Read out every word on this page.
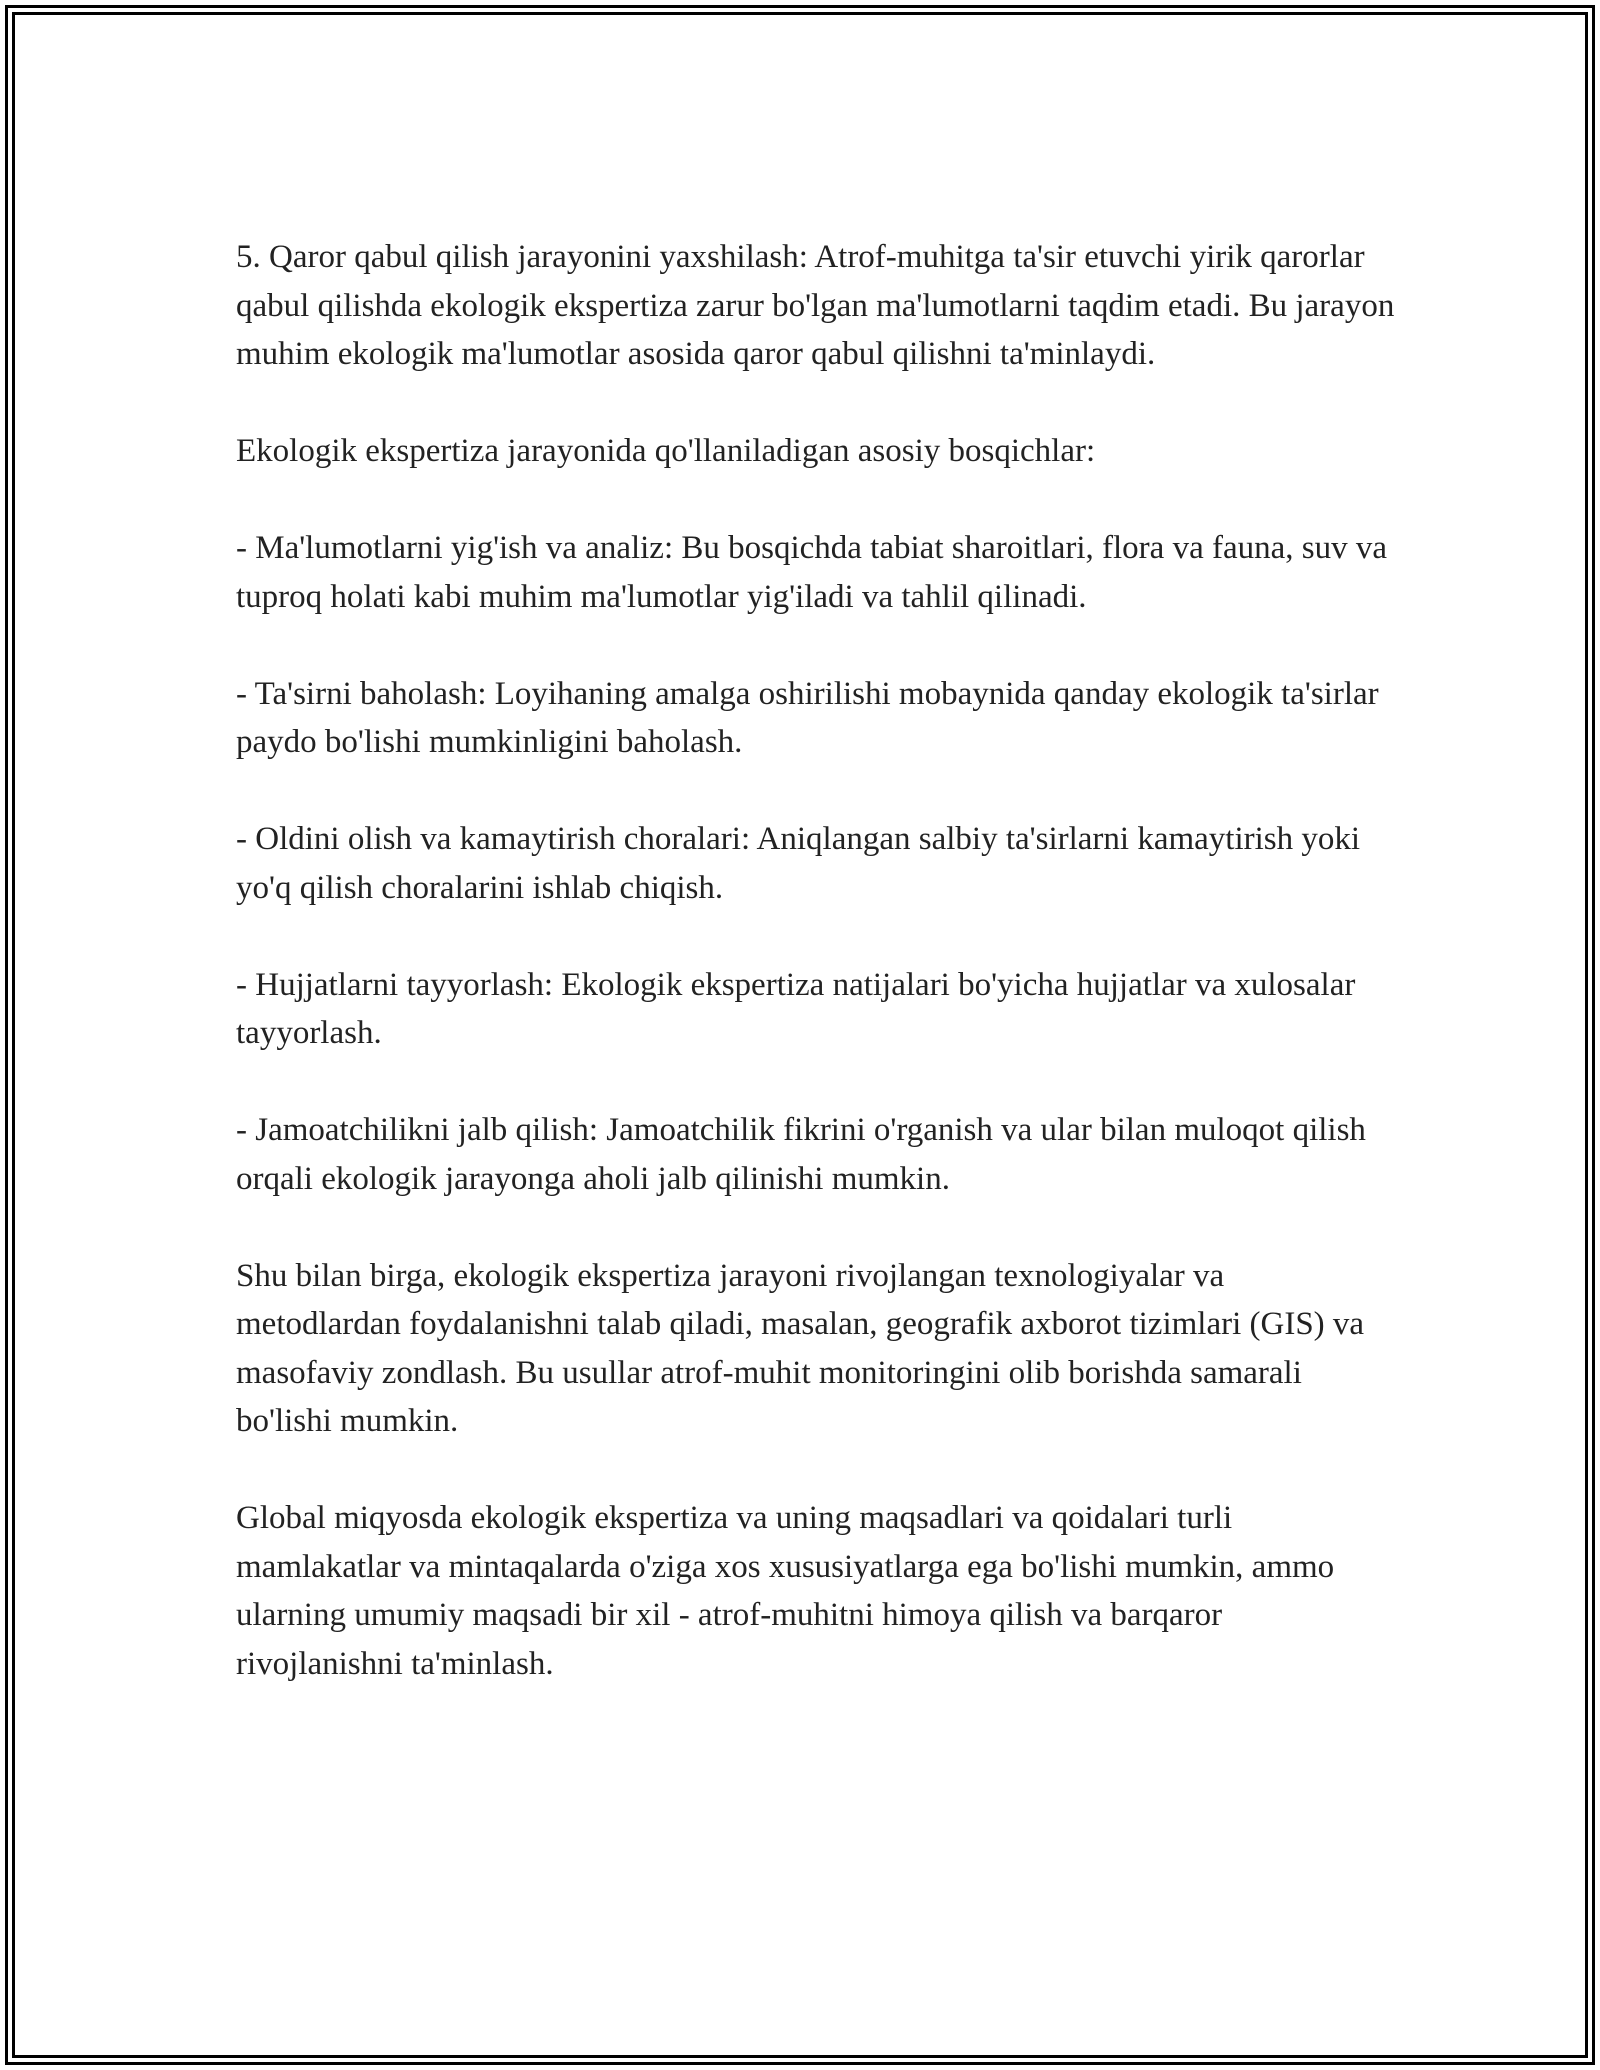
5. Qaror qabul qilish jarayonini yaxshilash: Atrof-muhitga ta'sir etuvchi yirik qarorlar qabul qilishda ekologik ekspertiza zarur bo'lgan ma'lumotlarni taqdim etadi. Bu jarayon muhim ekologik ma'lumotlar asosida qaror qabul qilishni ta'minlaydi.

Ekologik ekspertiza jarayonida qo'llaniladigan asosiy bosqichlar:

- Ma'lumotlarni yig'ish va analiz: Bu bosqichda tabiat sharoitlari, flora va fauna, suv va tuproq holati kabi muhim ma'lumotlar yig'iladi va tahlil qilinadi.

- Ta'sirni baholash: Loyihaning amalga oshirilishi mobaynida qanday ekologik ta'sirlar paydo bo'lishi mumkinligini baholash.

- Oldini olish va kamaytirish choralari: Aniqlangan salbiy ta'sirlarni kamaytirish yoki yo'q qilish choralarini ishlab chiqish.

- Hujjatlarni tayyorlash: Ekologik ekspertiza natijalari bo'yicha hujjatlar va xulosalar tayyorlash.

- Jamoatchilikni jalb qilish: Jamoatchilik fikrini o'rganish va ular bilan muloqot qilish orqali ekologik jarayonga aholi jalb qilinishi mumkin.

Shu bilan birga, ekologik ekspertiza jarayoni rivojlangan texnologiyalar va metodlardan foydalanishni talab qiladi, masalan, geografik axborot tizimlari (GIS) va masofaviy zondlash. Bu usullar atrof-muhit monitoringini olib borishda samarali bo'lishi mumkin.

Global miqyosda ekologik ekspertiza va uning maqsadlari va qoidalari turli mamlakatlar va mintaqalarda o'ziga xos xususiyatlarga ega bo'lishi mumkin, ammo ularning umumiy maqsadi bir xil - atrof-muhitni himoya qilish va barqaror rivojlanishni ta'minlash.
